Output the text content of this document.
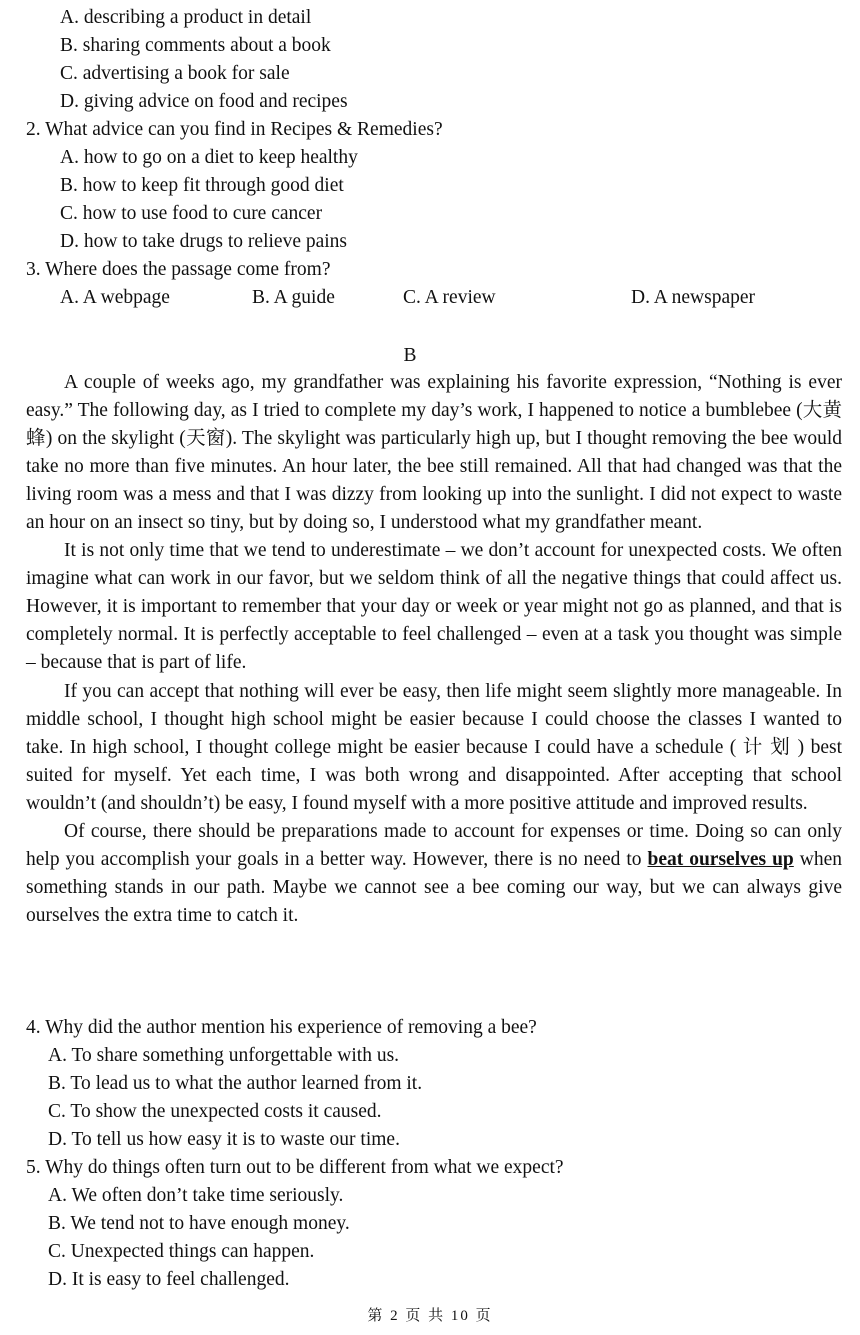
A. describing a product in detail
B. sharing comments about a book
C. advertising a book for sale
D. giving advice on food and recipes
2. What advice can you find in Recipes & Remedies?
A. how to go on a diet to keep healthy
B. how to keep fit through good diet
C. how to use food to cure cancer
D. how to take drugs to relieve pains
3. Where does the passage come from?
A. A webpage	B. A guide	C. A review	D. A newspaper
B

A couple of weeks ago, my grandfather was explaining his favorite expression, “Nothing is ever easy.” The following day, as I tried to complete my day’s work, I happened to notice a bumblebee (大黄蜂) on the skylight (天窗). The skylight was particularly high up, but I thought removing the bee would take no more than five minutes. An hour later, the bee still remained. All that had changed was that the living room was a mess and that I was dizzy from looking up into the sunlight. I did not expect to waste an hour on an insect so tiny, but by doing so, I understood what my grandfather meant.

It is not only time that we tend to underestimate – we don’t account for unexpected costs. We often imagine what can work in our favor, but we seldom think of all the negative things that could affect us. However, it is important to remember that your day or week or year might not go as planned, and that is completely normal. It is perfectly acceptable to feel challenged – even at a task you thought was simple – because that is part of life.

If you can accept that nothing will ever be easy, then life might seem slightly more manageable. In middle school, I thought high school might be easier because I could choose the classes I wanted to take. In high school, I thought college might be easier because I could have a schedule ( 计 划 ) best suited for myself. Yet each time, I was both wrong and disappointed. After accepting that school wouldn’t (and shouldn’t) be easy, I found myself with a more positive attitude and improved results.

Of course, there should be preparations made to account for expenses or time. Doing so can only help you accomplish your goals in a better way. However, there is no need to beat ourselves up when something stands in our path. Maybe we cannot see a bee coming our way, but we can always give ourselves the extra time to catch it.

4. Why did the author mention his experience of removing a bee?
A. To share something unforgettable with us.
B. To lead us to what the author learned from it.
C. To show the unexpected costs it caused.
D. To tell us how easy it is to waste our time.
5. Why do things often turn out to be different from what we expect?
A. We often don’t take time seriously.
B. We tend not to have enough money.
C. Unexpected things can happen.
D. It is easy to feel challenged.
第 2 页 共 10 页
